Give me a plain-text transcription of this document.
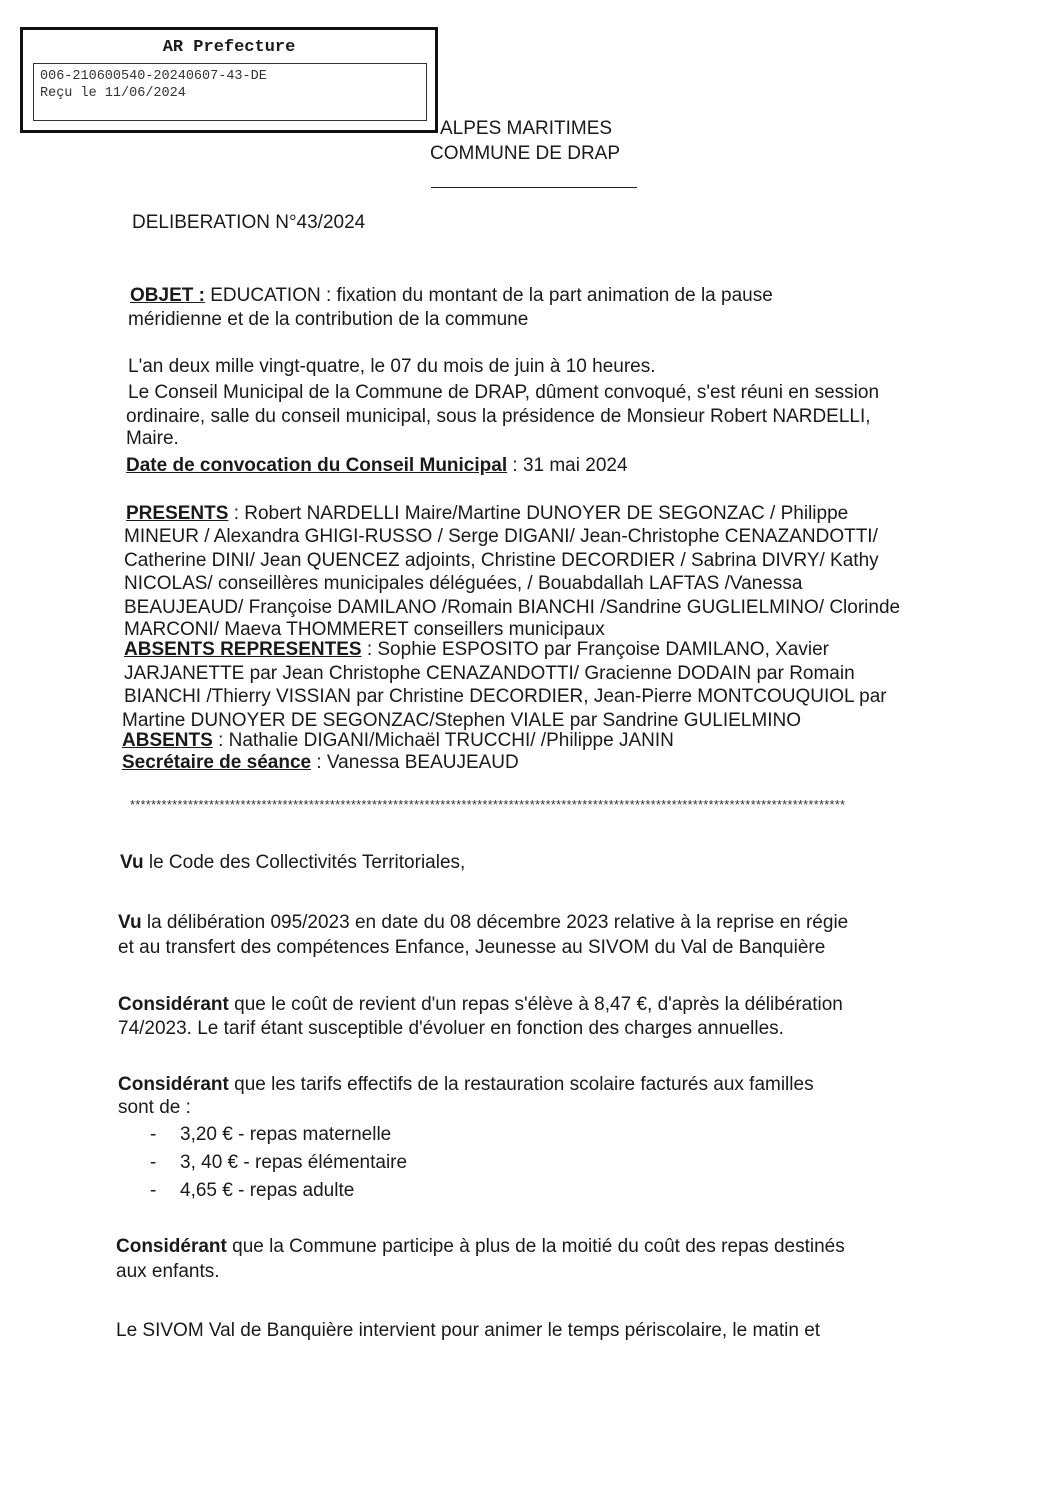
AR Prefecture
006-210600540-20240607-43-DE
Reçu le 11/06/2024
ALPES MARITIMES
COMMUNE DE DRAP
DELIBERATION N°43/2024
OBJET : EDUCATION : fixation du montant de la part animation de la pause
méridienne et de la contribution de la commune
L'an deux mille vingt-quatre, le 07 du mois de juin à 10 heures.
Le Conseil Municipal de la Commune de DRAP, dûment convoqué, s'est réuni en session
ordinaire, salle du conseil municipal, sous la présidence de Monsieur Robert NARDELLI,
Maire.
Date de convocation du Conseil Municipal : 31 mai 2024
PRESENTS : Robert NARDELLI Maire/Martine DUNOYER DE SEGONZAC / Philippe
MINEUR / Alexandra GHIGI-RUSSO / Serge DIGANI/ Jean-Christophe CENAZANDOTTI/
Catherine DINI/ Jean QUENCEZ adjoints, Christine DECORDIER / Sabrina DIVRY/ Kathy
NICOLAS/ conseillères municipales déléguées, / Bouabdallah LAFTAS /Vanessa
BEAUJEAUD/ Françoise DAMILANO /Romain BIANCHI /Sandrine GUGLIELMINO/ Clorinde
MARCONI/ Maeva THOMMERET conseillers municipaux
ABSENTS REPRESENTES : Sophie ESPOSITO par Françoise DAMILANO, Xavier
JARJANETTE par Jean Christophe CENAZANDOTTI/ Gracienne DODAIN par Romain
BIANCHI /Thierry VISSIAN par Christine DECORDIER, Jean-Pierre MONTCOUQUIOL par
Martine DUNOYER DE SEGONZAC/Stephen VIALE par Sandrine GULIELMINO
ABSENTS : Nathalie DIGANI/Michaël TRUCCHI/ /Philippe JANIN
Secrétaire de séance : Vanessa BEAUJEAUD
****************************************************************************************************************************************
Vu le Code des Collectivités Territoriales,
Vu la délibération 095/2023 en date du 08 décembre 2023 relative à la reprise en régie
et au transfert des compétences Enfance, Jeunesse au SIVOM du Val de Banquière
Considérant que le coût de revient d'un repas s'élève à 8,47 €, d'après la délibération
74/2023. Le tarif étant susceptible d'évoluer en fonction des charges annuelles.
Considérant que les tarifs effectifs de la restauration scolaire facturés aux familles
sont de :
- 3,20 € - repas maternelle
- 3, 40 € - repas élémentaire
- 4,65 € - repas adulte
Considérant que la Commune participe à plus de la moitié du coût des repas destinés
aux enfants.
Le SIVOM Val de Banquière intervient pour animer le temps périscolaire, le matin et
